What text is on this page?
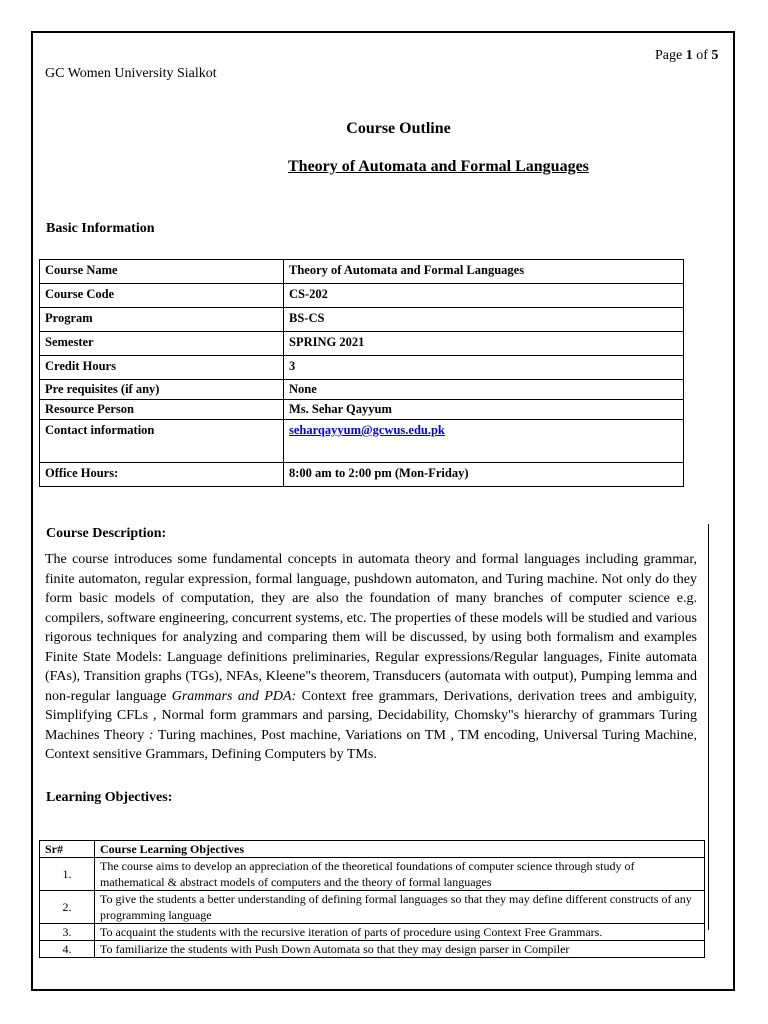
Page 1 of 5
GC Women University Sialkot
Course Outline
Theory of Automata and Formal Languages
Basic Information
Course Name	Theory of Automata and Formal Languages
Course Code	CS-202
Program	BS-CS
Semester	SPRING 2021
Credit Hours	3
Pre requisites (if any)	None
Resource Person	Ms. Sehar Qayyum
Contact information	seharqayyum@gcwus.edu.pk
Office Hours:	8:00 am to 2:00 pm (Mon-Friday)
Course Description:
The course introduces some fundamental concepts in automata theory and formal languages including grammar, finite automaton, regular expression, formal language, pushdown automaton, and Turing machine. Not only do they form basic models of computation, they are also the foundation of many branches of computer science e.g. compilers, software engineering, concurrent systems, etc. The properties of these models will be studied and various rigorous techniques for analyzing and comparing them will be discussed, by using both formalism and examples Finite State Models: Language definitions preliminaries, Regular expressions/Regular languages, Finite automata (FAs), Transition graphs (TGs), NFAs, Kleene"s theorem, Transducers (automata with output), Pumping lemma and non-regular language Grammars and PDA: Context free grammars, Derivations, derivation trees and ambiguity, Simplifying CFLs , Normal form grammars and parsing, Decidability, Chomsky"s hierarchy of grammars Turing Machines Theory : Turing machines, Post machine, Variations on TM , TM encoding, Universal Turing Machine, Context sensitive Grammars, Defining Computers by TMs.
Learning Objectives:
Sr#	Course Learning Objectives
1.	The course aims to develop an appreciation of the theoretical foundations of computer science through study of mathematical & abstract models of computers and the theory of formal languages
2.	To give the students a better understanding of defining formal languages so that they may define different constructs of any programming language
3.	To acquaint the students with the recursive iteration of parts of procedure using Context Free Grammars.
4.	To familiarize the students with Push Down Automata so that they may design parser in Compiler
